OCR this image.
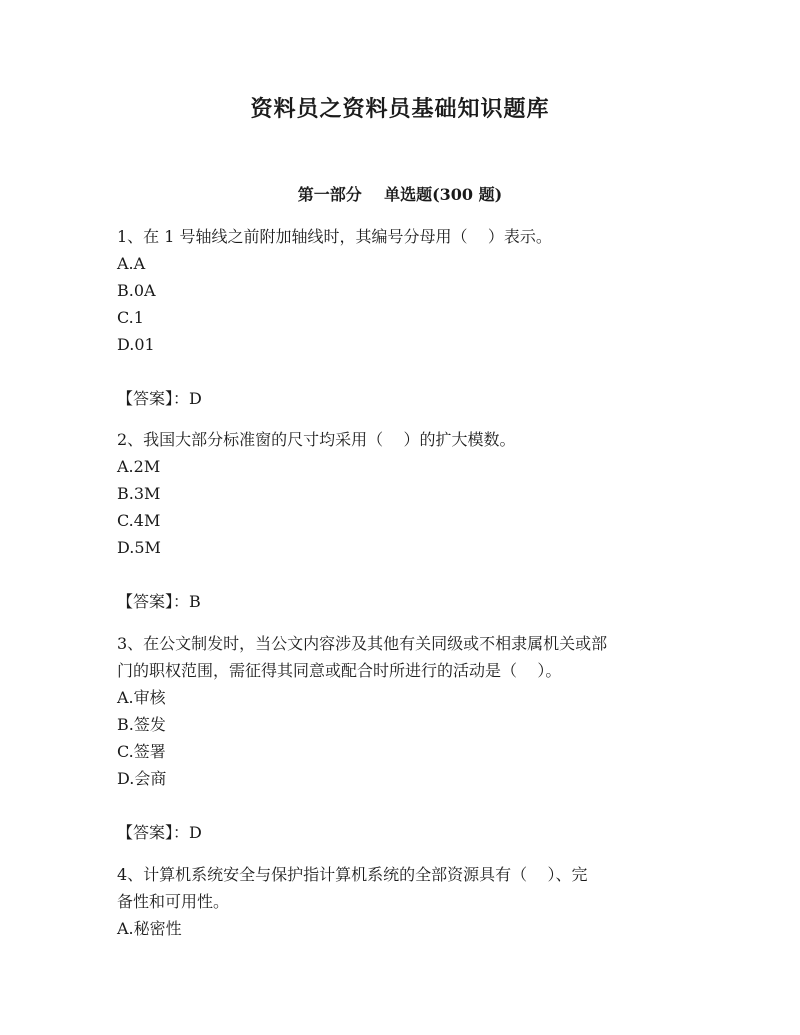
资料员之资料员基础知识题库
第一部分    单选题(300 题)
1、在 1 号轴线之前附加轴线时，其编号分母用（    ）表示。
A.A
B.0A
C.1
D.01
【答案】：D
2、我国大部分标准窗的尺寸均采用（    ）的扩大模数。
A.2M
B.3M
C.4M
D.5M
【答案】：B
3、在公文制发时，当公文内容涉及其他有关同级或不相隶属机关或部
门的职权范围，需征得其同意或配合时所进行的活动是（    ）。
A.审核
B.签发
C.签署
D.会商
【答案】：D
4、计算机系统安全与保护指计算机系统的全部资源具有（    ）、完
备性和可用性。
A.秘密性
